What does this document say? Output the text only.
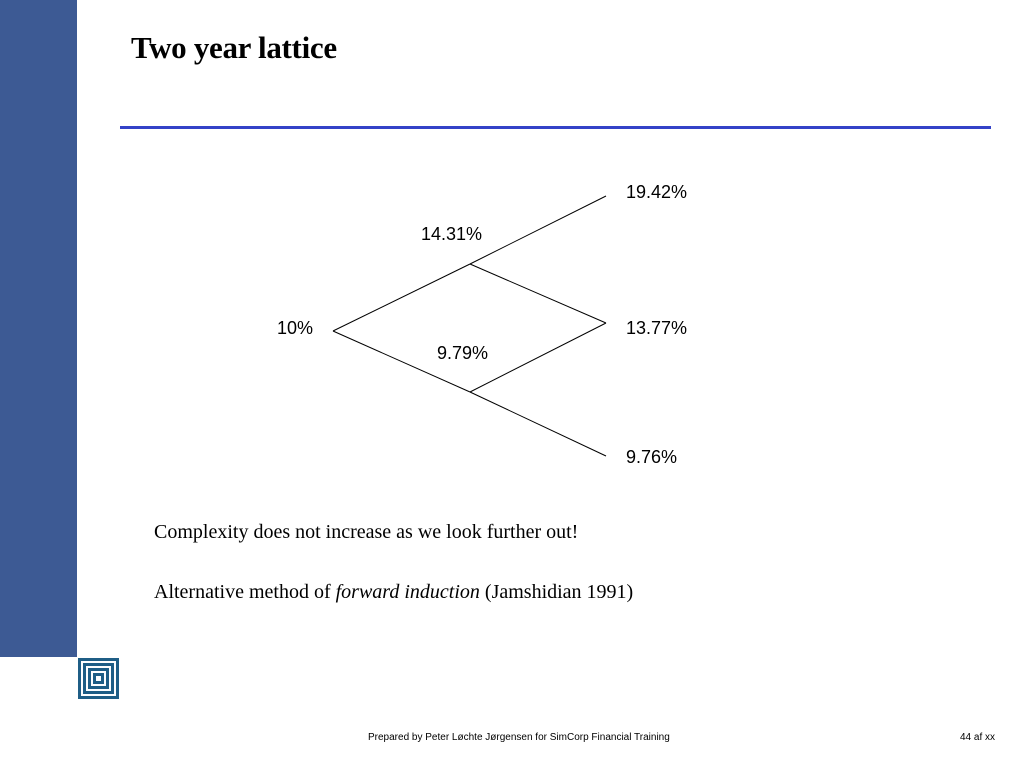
Two year lattice
10%
14.31%
9.79%
19.42%
13.77%
9.76%

Complexity does not increase as we look further out!

Alternative method of forward induction (Jamshidian 1991)

Prepared by Peter Løchte Jørgensen for SimCorp Financial Training	44 af xx
